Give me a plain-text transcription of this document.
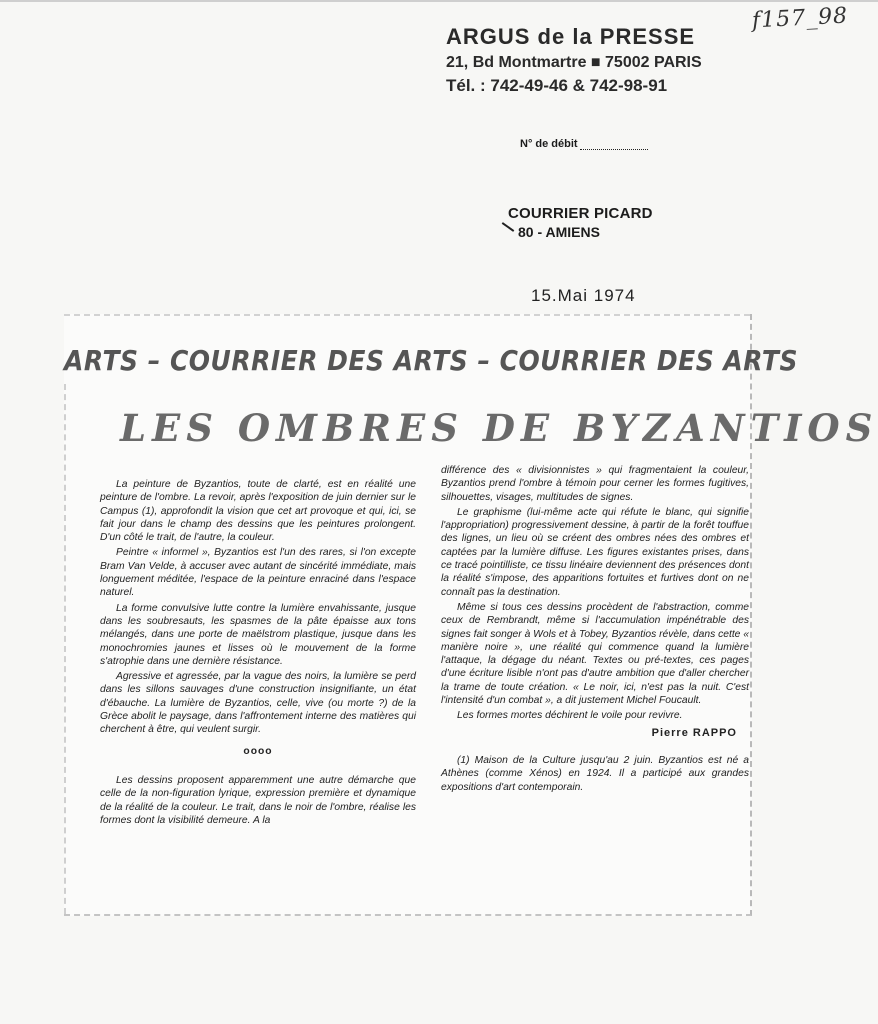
f157_98
ARGUS de la PRESSE
21, Bd Montmartre ■ 75002 PARIS
Tél. : 742-49-46 & 742-98-91
N° de débit
COURRIER PICARD
80 - AMIENS
15.Mai 1974
ARTS – COURRIER DES ARTS – COURRIER DES ARTS
LES OMBRES DE BYZANTIOS

La peinture de Byzantios, toute de clarté, est en réalité une peinture de l'ombre. La revoir, après l'exposition de juin dernier sur le Campus (1), approfondit la vision que cet art provoque et qui, ici, se fait jour dans le champ des dessins que les peintures prolongent. D'un côté le trait, de l'autre, la couleur.

Peintre « informel », Byzantios est l'un des rares, si l'on excepte Bram Van Velde, à accuser avec autant de sincérité immédiate, mais longuement méditée, l'espace de la peinture enraciné dans l'espace naturel.

La forme convulsive lutte contre la lumière envahissante, jusque dans les soubresauts, les spasmes de la pâte épaisse aux tons mélangés, dans une porte de maëlstrom plastique, jusque dans les monochromies jaunes et lisses où le mouvement de la forme s'atrophie dans une dernière résistance.

Agressive et agressée, par la vague des noirs, la lumière se perd dans les sillons sauvages d'une construction insignifiante, un état d'ébauche. La lumière de Byzantios, celle, vive (ou morte ?) de la Grèce abolit le paysage, dans l'affrontement interne des matières qui cherchent à être, qui veulent surgir.

oooo

Les dessins proposent apparemment une autre démarche que celle de la non-figuration lyrique, expression première et dynamique de la réalité de la couleur. Le trait, dans le noir de l'ombre, réalise les formes dont la visibilité demeure. A la

différence des « divisionnistes » qui fragmentaient la couleur, Byzantios prend l'ombre à témoin pour cerner les formes fugitives, silhouettes, visages, multitudes de signes.

Le graphisme (lui-même acte qui réfute le blanc, qui signifie l'appropriation) progressivement dessine, à partir de la forêt touffue des lignes, un lieu où se créent des ombres nées des ombres et captées par la lumière diffuse. Les figures existantes prises, dans ce tracé pointilliste, ce tissu linéaire deviennent des présences dont la réalité s'impose, des apparitions fortuites et furtives dont on ne connaît pas la destination.

Même si tous ces dessins procèdent de l'abstraction, comme ceux de Rembrandt, même si l'accumulation impénétrable des signes fait songer à Wols et à Tobey, Byzantios révèle, dans cette « manière noire », une réalité qui commence quand la lumière l'attaque, la dégage du néant. Textes ou pré-textes, ces pages d'une écriture lisible n'ont pas d'autre ambition que d'aller chercher la trame de toute création. « Le noir, ici, n'est pas la nuit. C'est l'intensité d'un combat », a dit justement Michel Foucault.

Les formes mortes déchirent le voile pour revivre.

Pierre RAPPO

(1) Maison de la Culture jusqu'au 2 juin. Byzantios est né a Athènes (comme Xénos) en 1924. Il a participé aux grandes expositions d'art contemporain.
